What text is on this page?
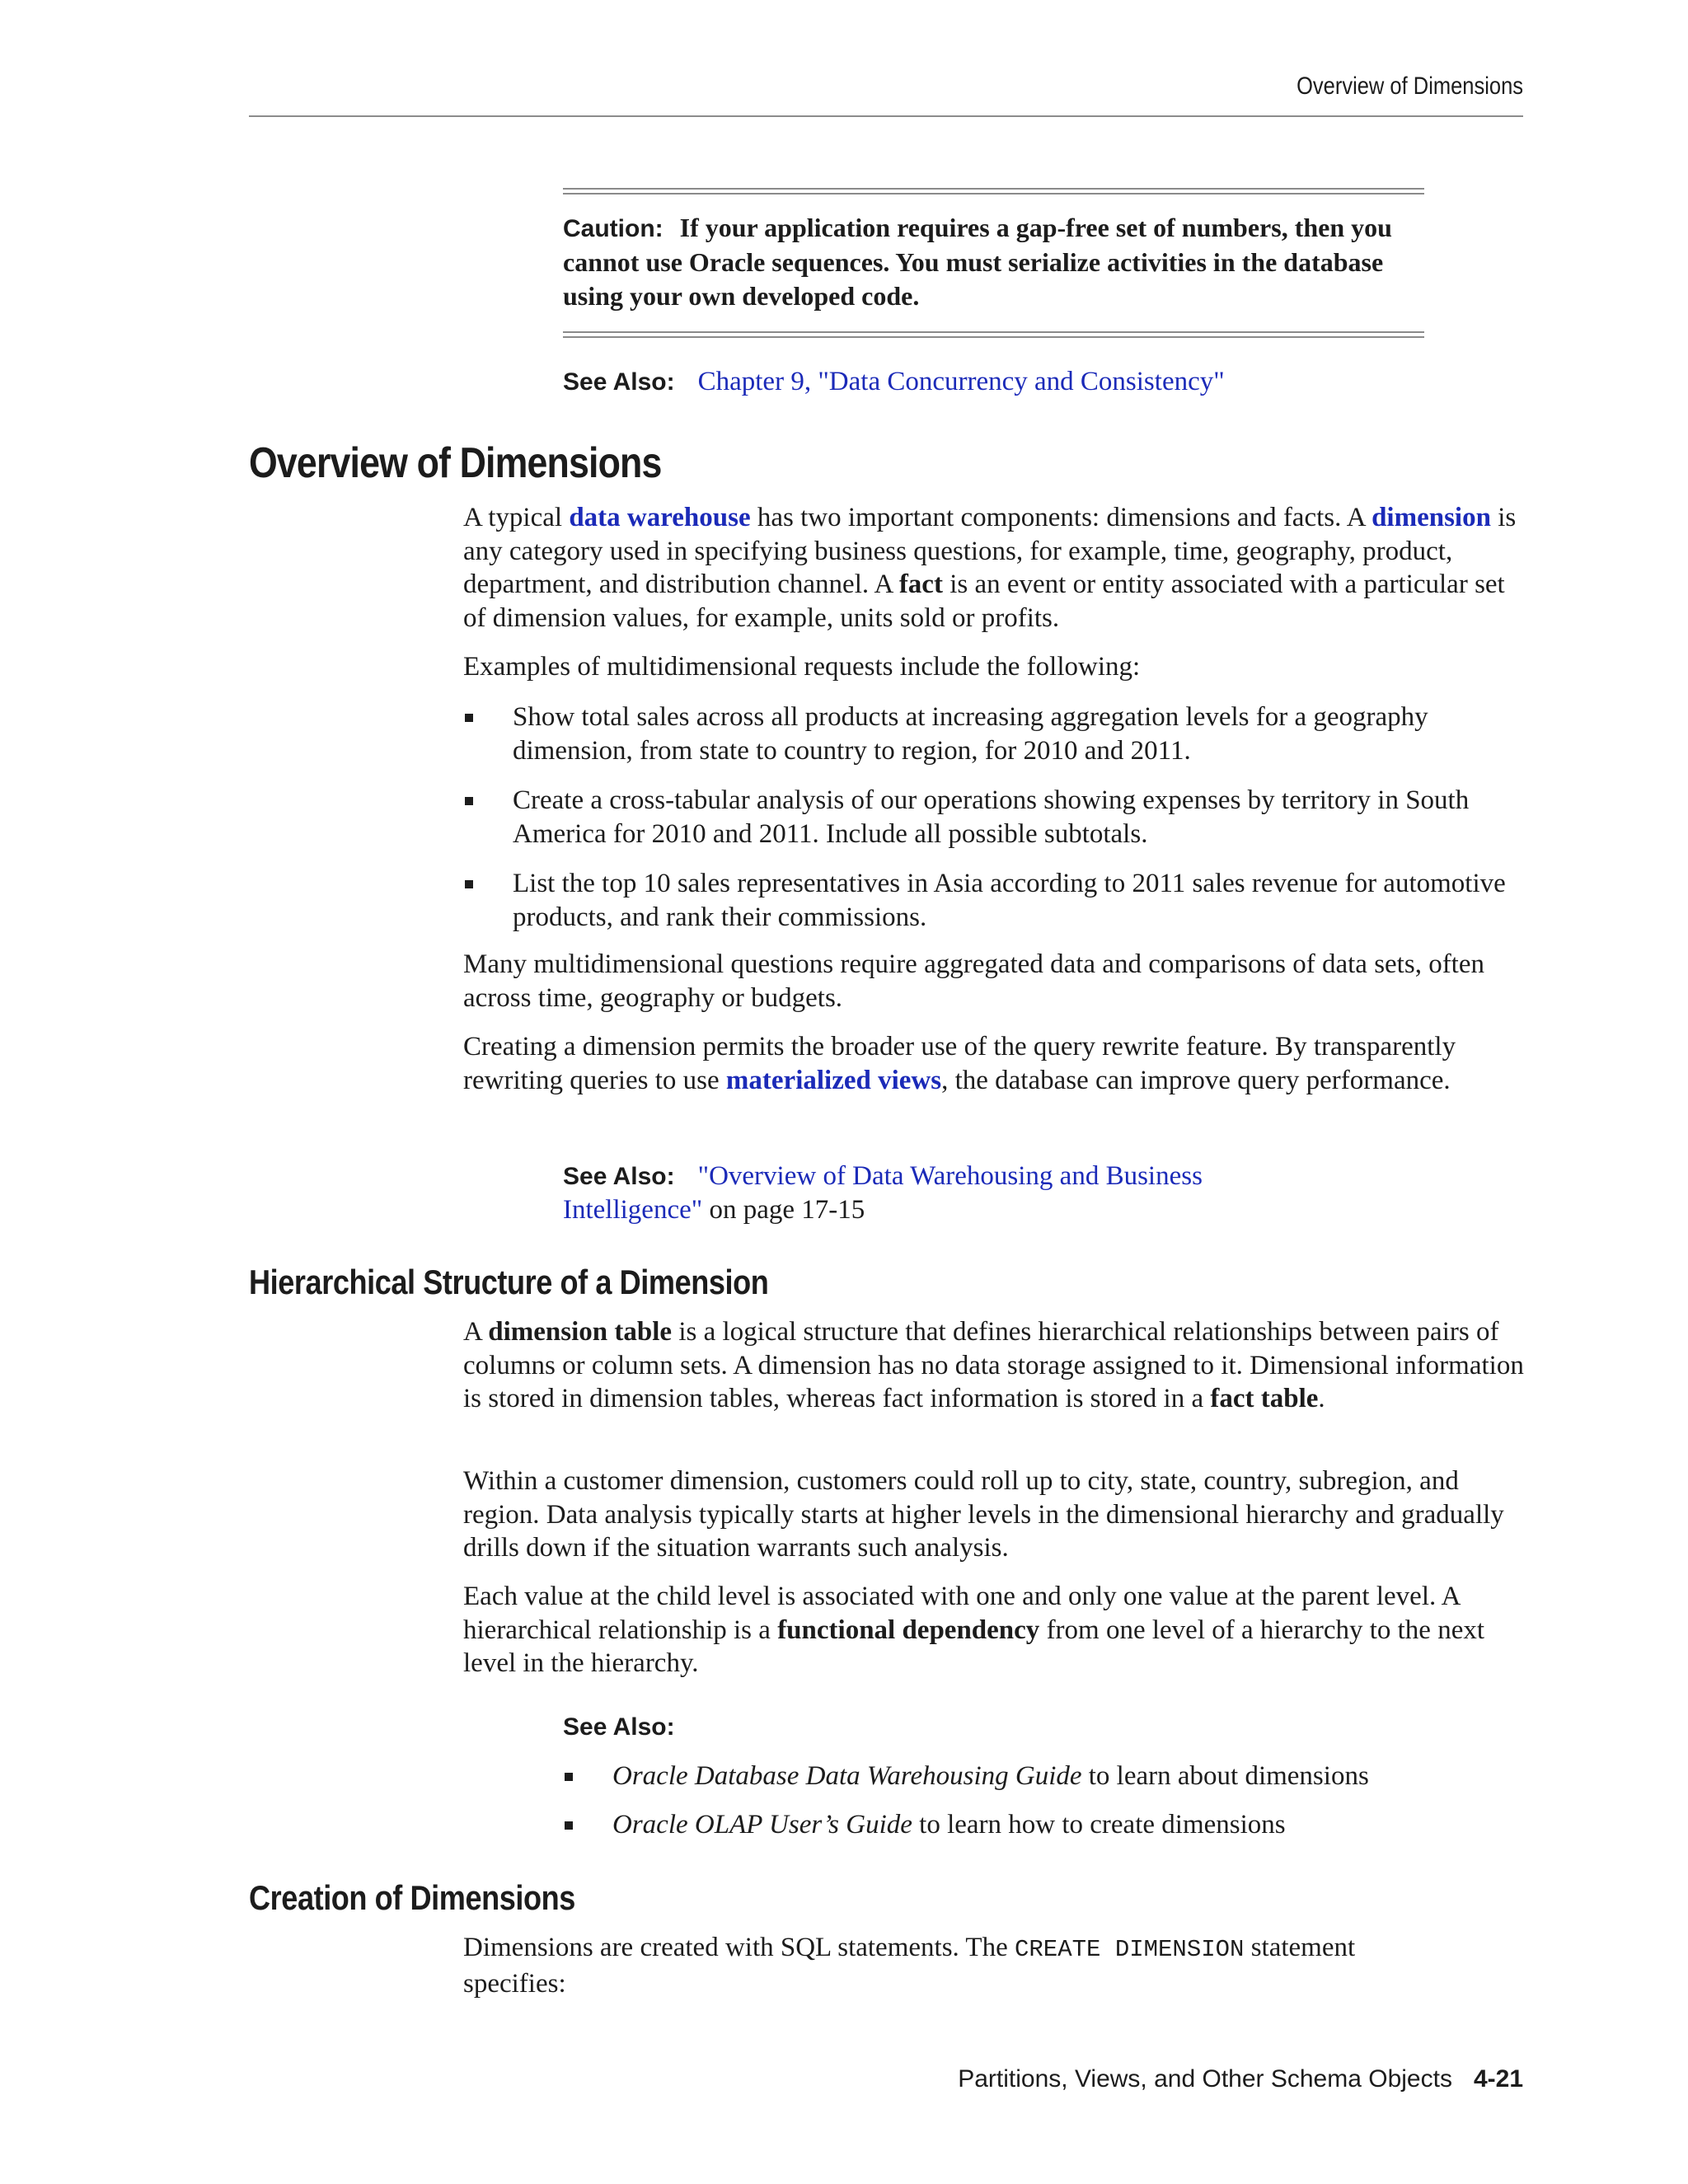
Overview of Dimensions
Caution: If your application requires a gap-free set of numbers, then you cannot use Oracle sequences. You must serialize activities in the database using your own developed code.
See Also: Chapter 9, "Data Concurrency and Consistency"
Overview of Dimensions

A typical data warehouse has two important components: dimensions and facts. A dimension is any category used in specifying business questions, for example, time, geography, product, department, and distribution channel. A fact is an event or entity associated with a particular set of dimension values, for example, units sold or profits.

Examples of multidimensional requests include the following:

Show total sales across all products at increasing aggregation levels for a geography dimension, from state to country to region, for 2010 and 2011.
Create a cross-tabular analysis of our operations showing expenses by territory in South America for 2010 and 2011. Include all possible subtotals.
List the top 10 sales representatives in Asia according to 2011 sales revenue for automotive products, and rank their commissions.

Many multidimensional questions require aggregated data and comparisons of data sets, often across time, geography or budgets.

Creating a dimension permits the broader use of the query rewrite feature. By transparently rewriting queries to use materialized views, the database can improve query performance.

See Also: "Overview of Data Warehousing and Business Intelligence" on page 17-15
Hierarchical Structure of a Dimension

A dimension table is a logical structure that defines hierarchical relationships between pairs of columns or column sets. A dimension has no data storage assigned to it. Dimensional information is stored in dimension tables, whereas fact information is stored in a fact table.

Within a customer dimension, customers could roll up to city, state, country, subregion, and region. Data analysis typically starts at higher levels in the dimensional hierarchy and gradually drills down if the situation warrants such analysis.

Each value at the child level is associated with one and only one value at the parent level. A hierarchical relationship is a functional dependency from one level of a hierarchy to the next level in the hierarchy.

See Also:
Oracle Database Data Warehousing Guide to learn about dimensions
Oracle OLAP User’s Guide to learn how to create dimensions
Creation of Dimensions

Dimensions are created with SQL statements. The CREATE DIMENSION statement specifies:

Partitions, Views, and Other Schema Objects 4-21
